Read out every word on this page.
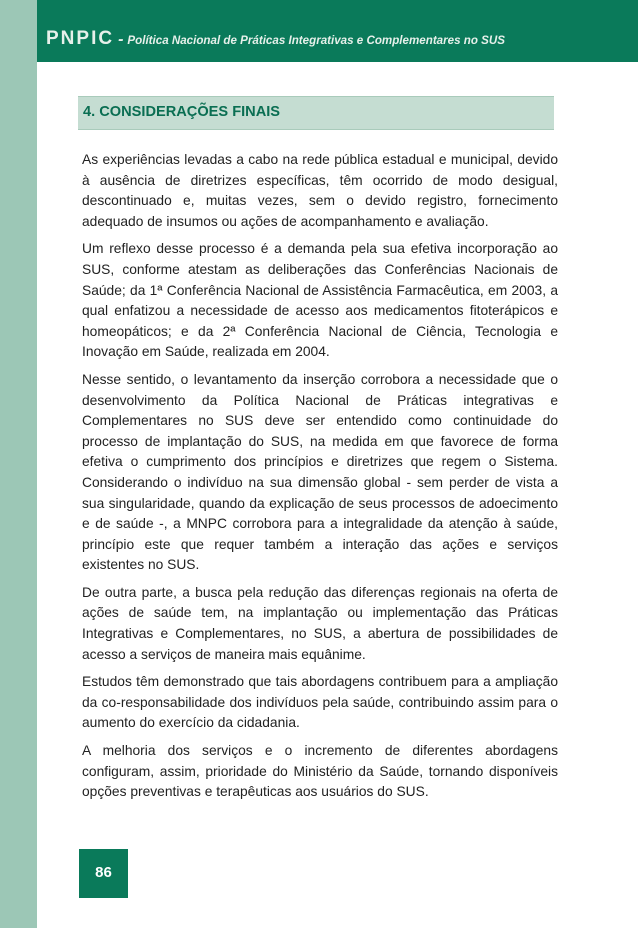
PNPIC - Política Nacional de Práticas Integrativas e Complementares no SUS
4. CONSIDERAÇÕES FINAIS

As experiências levadas a cabo na rede pública estadual e municipal, devido à ausência de diretrizes específicas, têm ocorrido de modo desigual, descontinuado e, muitas vezes, sem o devido registro, fornecimento adequado de insumos ou ações de acompanhamento e avaliação.

Um reflexo desse processo é a demanda pela sua efetiva incorporação ao SUS, conforme atestam as deliberações das Conferências Nacionais de Saúde; da 1ª Conferência Nacional de Assistência Farmacêutica, em 2003, a qual enfatizou a necessidade de acesso aos medicamentos fitoterápicos e homeopáticos; e da 2ª Conferência Nacional de Ciência, Tecnologia e Inovação em Saúde, realizada em 2004.

Nesse sentido, o levantamento da inserção corrobora a necessidade que o desenvolvimento da Política Nacional de Práticas integrativas e Complementares no SUS deve ser entendido como continuidade do processo de implantação do SUS, na medida em que favorece de forma efetiva o cumprimento dos princípios e diretrizes que regem o Sistema. Considerando o indivíduo na sua dimensão global - sem perder de vista a sua singularidade, quando da explicação de seus processos de adoecimento e de saúde -, a MNPC corrobora para a integralidade da atenção à saúde, princípio este que requer também a interação das ações e serviços existentes no SUS.

De outra parte, a busca pela redução das diferenças regionais na oferta de ações de saúde tem, na implantação ou implementação das Práticas Integrativas e Complementares, no SUS, a abertura de possibilidades de acesso a serviços de maneira mais equânime.

Estudos têm demonstrado que tais abordagens contribuem para a ampliação da co-responsabilidade dos indivíduos pela saúde, contribuindo assim para o aumento do exercício da cidadania.

A melhoria dos serviços e o incremento de diferentes abordagens configuram, assim, prioridade do Ministério da Saúde, tornando disponíveis opções preventivas e terapêuticas aos usuários do SUS.

86
